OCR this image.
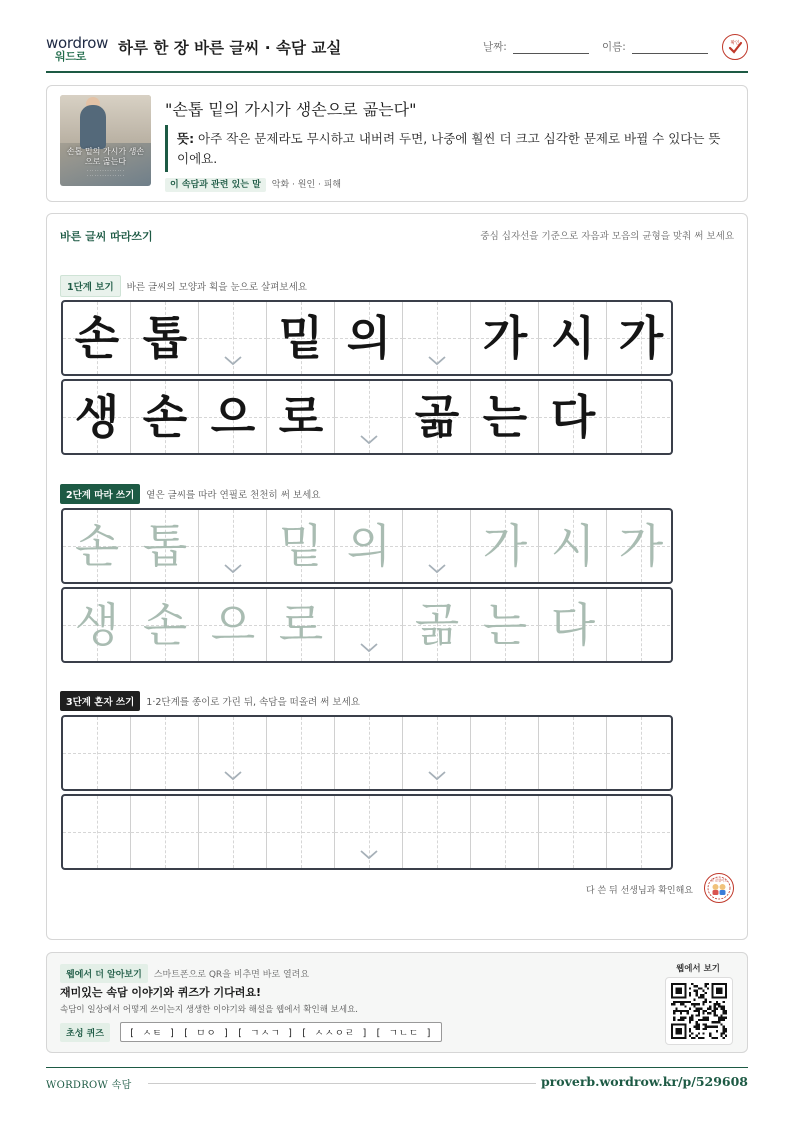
wordrow
워드로 하루 한 장 바른 글씨 · 속담 교실	날짜:	이름:	확인
손톱 밑의 가시가 생손으로 곪는다
· · · · · · · · · · · · · · ·
· · · · · · · · · · · · · · ·
"손톱 밑의 가시가 생손으로 곪는다"
뜻: 아주 작은 문제라도 무시하고 내버려 두면, 나중에 훨씬 더 크고 심각한 문제로 바뀔 수 있다는 뜻이에요.
이 속담과 관련 있는 말 악화 · 원인 · 피해
바른 글씨 따라쓰기	중심 십자선을 기준으로 자음과 모음의 균형을 맞춰 써 보세요
1단계 보기 바른 글씨의 모양과 획을 눈으로 살펴보세요
손 톱 밑 의 가 시 가
생 손 으 로 곪 는 다
2단계 따라 쓰기 옅은 글씨를 따라 연필로 천천히 써 보세요
손 톱 밑 의 가 시 가
생 손 으 로 곪 는 다
3단계 혼자 쓰기 1·2단계를 종이로 가린 뒤, 속담을 떠올려 써 보세요
다 쓴 뒤 선생님과 확인해요
참 잘했어요
웹에서 더 알아보기 스마트폰으로 QR을 비추면 바로 열려요
재미있는 속담 이야기와 퀴즈가 기다려요!
속담이 일상에서 어떻게 쓰이는지 생생한 이야기와 해설을 웹에서 확인해 보세요.
초성 퀴즈	[ ㅅㅌ ] [ ㅁㅇ ] [ ㄱㅅㄱ ] [ ㅅㅅㅇㄹ ] [ ㄱㄴㄷ ]
웹에서 보기
WORDROW 속담	proverb.wordrow.kr/p/529608
